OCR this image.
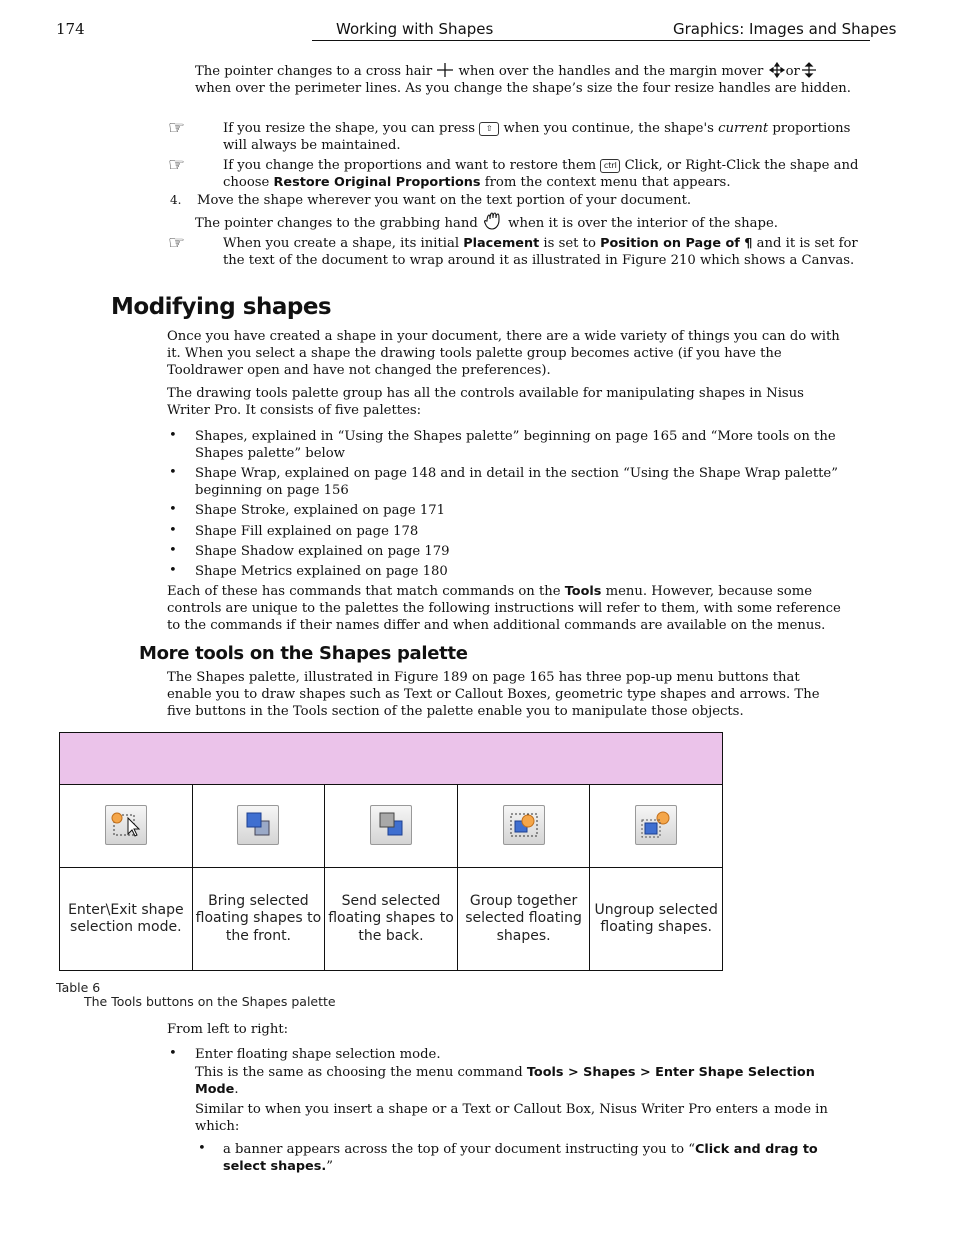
174	Working with Shapes	Graphics: Images and Shapes
The pointer changes to a cross hair when over the handles and the margin mover or when over the perimeter lines. As you change the shape’s size the four resize handles are hidden.
☞	If you resize the shape, you can press ⇧ when you continue, the shape's current proportions will always be maintained.
☞	If you change the proportions and want to restore them ctrl Click, or Right-Click the shape and choose Restore Original Proportions from the context menu that appears.
4. Move the shape wherever you want on the text portion of your document.
The pointer changes to the grabbing hand when it is over the interior of the shape.
☞	When you create a shape, its initial Placement is set to Position on Page of ¶ and it is set for the text of the document to wrap around it as illustrated in Figure 210 which shows a Canvas.
Modifying shapes
Once you have created a shape in your document, there are a wide variety of things you can do with it. When you select a shape the drawing tools palette group becomes active (if you have the Tooldrawer open and have not changed the preferences).
The drawing tools palette group has all the controls available for manipulating shapes in Nisus Writer Pro. It consists of five palettes:
• Shapes, explained in “Using the Shapes palette” beginning on page 165 and “More tools on the Shapes palette” below
• Shape Wrap, explained on page 148 and in detail in the section “Using the Shape Wrap palette” beginning on page 156
• Shape Stroke, explained on page 171
• Shape Fill explained on page 178
• Shape Shadow explained on page 179
• Shape Metrics explained on page 180
Each of these has commands that match commands on the Tools menu. However, because some controls are unique to the palettes the following instructions will refer to them, with some reference to the commands if their names differ and when additional commands are available on the menus.
More tools on the Shapes palette
The Shapes palette, illustrated in Figure 189 on page 165 has three pop-up menu buttons that enable you to draw shapes such as Text or Callout Boxes, geometric type shapes and arrows. The five buttons in the Tools section of the palette enable you to manipulate those objects.

Enter\Exit shape selection mode.	Bring selected floating shapes to the front.	Send selected floating shapes to the back.	Group together selected floating shapes.	Ungroup selected floating shapes.
Table 6
The Tools buttons on the Shapes palette
From left to right:
• Enter floating shape selection mode.
This is the same as choosing the menu command Tools > Shapes > Enter Shape Selection Mode.
Similar to when you insert a shape or a Text or Callout Box, Nisus Writer Pro enters a mode in which:
• a banner appears across the top of your document instructing you to “Click and drag to select shapes.”
